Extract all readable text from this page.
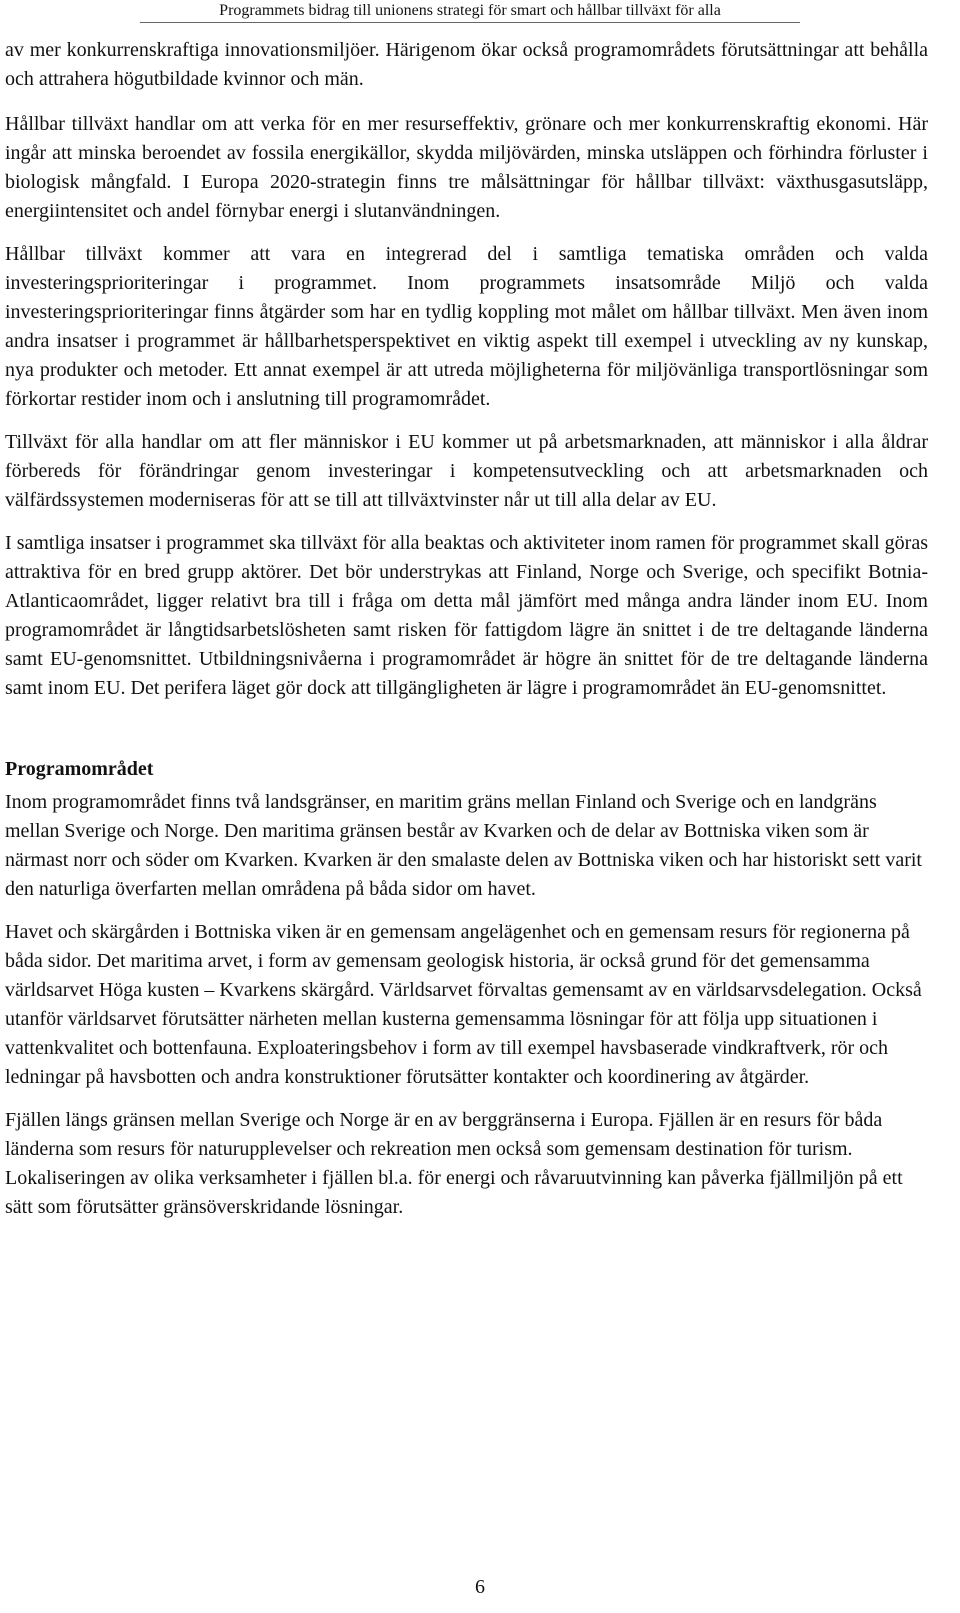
Programmets bidrag till unionens strategi för smart och hållbar tillväxt för alla

av mer konkurrenskraftiga innovationsmiljöer. Härigenom ökar också programområdets förutsättningar att behålla och attrahera högutbildade kvinnor och män.

Hållbar tillväxt handlar om att verka för en mer resurseffektiv, grönare och mer konkurrenskraftig ekonomi. Här ingår att minska beroendet av fossila energikällor, skydda miljövärden, minska utsläppen och förhindra förluster i biologisk mångfald. I Europa 2020-strategin finns tre målsättningar för hållbar tillväxt: växthusgasutsläpp, energiintensitet och andel förnybar energi i slutanvändningen.

Hållbar tillväxt kommer att vara en integrerad del i samtliga tematiska områden och valda investeringsprioriteringar i programmet. Inom programmets insatsområde Miljö och valda investeringsprioriteringar finns åtgärder som har en tydlig koppling mot målet om hållbar tillväxt. Men även inom andra insatser i programmet är hållbarhetsperspektivet en viktig aspekt till exempel i utveckling av ny kunskap, nya produkter och metoder. Ett annat exempel är att utreda möjligheterna för miljövänliga transportlösningar som förkortar restider inom och i anslutning till programområdet.

Tillväxt för alla handlar om att fler människor i EU kommer ut på arbetsmarknaden, att människor i alla åldrar förbereds för förändringar genom investeringar i kompetensutveckling och att arbetsmarknaden och välfärdssystemen moderniseras för att se till att tillväxtvinster når ut till alla delar av EU.

I samtliga insatser i programmet ska tillväxt för alla beaktas och aktiviteter inom ramen för programmet skall göras attraktiva för en bred grupp aktörer. Det bör understrykas att Finland, Norge och Sverige, och specifikt Botnia-Atlanticaområdet, ligger relativt bra till i fråga om detta mål jämfört med många andra länder inom EU. Inom programområdet är långtidsarbetslösheten samt risken för fattigdom lägre än snittet i de tre deltagande länderna samt EU-genomsnittet. Utbildningsnivåerna i programområdet är högre än snittet för de tre deltagande länderna samt inom EU. Det perifera läget gör dock att tillgängligheten är lägre i programområdet än EU-genomsnittet.

Programområdet

Inom programområdet finns två landsgränser, en maritim gräns mellan Finland och Sverige och en landgräns mellan Sverige och Norge. Den maritima gränsen består av Kvarken och de delar av Bottniska viken som är närmast norr och söder om Kvarken. Kvarken är den smalaste delen av Bottniska viken och har historiskt sett varit den naturliga överfarten mellan områdena på båda sidor om havet.

Havet och skärgården i Bottniska viken är en gemensam angelägenhet och en gemensam resurs för regionerna på båda sidor. Det maritima arvet, i form av gemensam geologisk historia, är också grund för det gemensamma världsarvet Höga kusten – Kvarkens skärgård. Världsarvet förvaltas gemensamt av en världsarvsdelegation. Också utanför världsarvet förutsätter närheten mellan kusterna gemensamma lösningar för att följa upp situationen i vattenkvalitet och bottenfauna. Exploateringsbehov i form av till exempel havsbaserade vindkraftverk, rör och ledningar på havsbotten och andra konstruktioner förutsätter kontakter och koordinering av åtgärder.

Fjällen längs gränsen mellan Sverige och Norge är en av berggränserna i Europa. Fjällen är en resurs för båda länderna som resurs för naturupplevelser och rekreation men också som gemensam destination för turism. Lokaliseringen av olika verksamheter i fjällen bl.a. för energi och råvaruutvinning kan påverka fjällmiljön på ett sätt som förutsätter gränsöverskridande lösningar.

6
